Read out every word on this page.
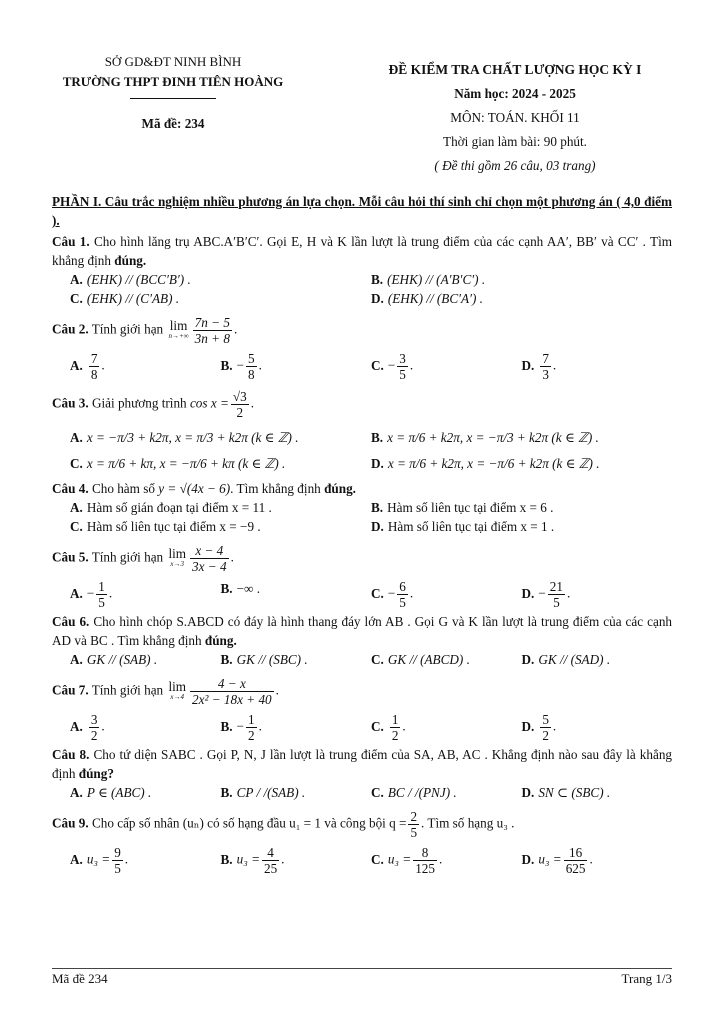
SỞ GD&ĐT NINH BÌNH
TRƯỜNG THPT ĐINH TIÊN HOÀNG
Mã đề: 234
ĐỀ KIỂM TRA CHẤT LƯỢNG HỌC KỲ I
Năm học: 2024 - 2025
MÔN: TOÁN. KHỐI 11
Thời gian làm bài: 90 phút.
( Đề thi gồm 26 câu, 03 trang)
PHẦN I. Câu trắc nghiệm nhiều phương án lựa chọn. Mỗi câu hỏi thí sinh chỉ chọn một phương án ( 4,0 điểm ).
Câu 1. Cho hình lăng trụ ABC.A′B′C′. Gọi E, H và K lần lượt là trung điểm của các cạnh AA′, BB′ và CC′ . Tìm khẳng định đúng.
A. (EHK) // (BCC′B′) .	B. (EHK) // (A′B′C′) .
C. (EHK) // (C′AB) .	D. (EHK) // (BC′A′) .
Câu 2. Tính giới hạn lim
$n\to+\infty \frac{7n - 5}{3n + 8}$ .
A. $\frac{7}{8}$ .	B. − $\frac{5}{8}$ .	C. − $\frac{3}{5}$ .	D. $\frac{7}{3}$ .
Câu 3. Giải phương trình $\cos x = \frac{√3}{2}$ .
A. x = −π/3 + k2π, x = π/3 + k2π (k ∈ ℤ) .	B. x = π/6 + k2π, x = −π/3 + k2π (k ∈ ℤ) .
C. x = π/6 + kπ, x = −π/6 + kπ (k ∈ ℤ) .	D. x = π/6 + k2π, x = −π/6 + k2π (k ∈ ℤ) .
Câu 4. Cho hàm số y = √(4x − 6). Tìm khẳng định đúng.
A. Hàm số gián đoạn tại điểm x = 11 .	B. Hàm số liên tục tại điểm x = 6 .
C. Hàm số liên tục tại điểm x = −9 .	D. Hàm số liên tục tại điểm x = 1 .
Câu 5. Tính giới hạn lim
$x\to 3 \frac{x - 4}{3x - 4}$ .
A. − $\frac{1}{5}$ .	B. −∞ .	C. − $\frac{6}{5}$ .	D. − $\frac{21}{5}$ .
Câu 6. Cho hình chóp S.ABCD có đáy là hình thang đáy lớn AB . Gọi G và K lần lượt là trung điểm của các cạnh AD và BC . Tìm khẳng định đúng.
A. GK // (SAB) .	B. GK // (SBC) .	C. GK // (ABCD) .	D. GK // (SAD) .
Câu 7. Tính giới hạn lim
$x\to 4 \frac{4 - x}{\text{2x² − 18x + 40}}$ .
A. $\frac{3}{2}$ .	B. − $\frac{1}{2}$ .	C. $\frac{1}{2}$ .	D. $\frac{5}{2}$ .
Câu 8. Cho tứ diện SABC . Gọi P, N, J lần lượt là trung điểm của SA, AB, AC . Khẳng định nào sau đây là khẳng định đúng?
A. P ∈ (ABC) .	B. CP / /(SAB) .	C. BC / /(PNJ) .	D. SN ⊂ (SBC) .
Câu 9. Cho cấp số nhân (uₙ) có số hạng đầu u₁ = 1 và công bội $q = \frac{2}{5}$ . Tìm số hạng u₃ .
A. $u_3 = \frac{9}{5}$ .	B. $u_3 = \frac{4}{25}$ .	C. $u_3 = \frac{8}{125}$ .	D. $u_3 = \frac{16}{625}$ .
Mã đề 234	Trang 1/3
